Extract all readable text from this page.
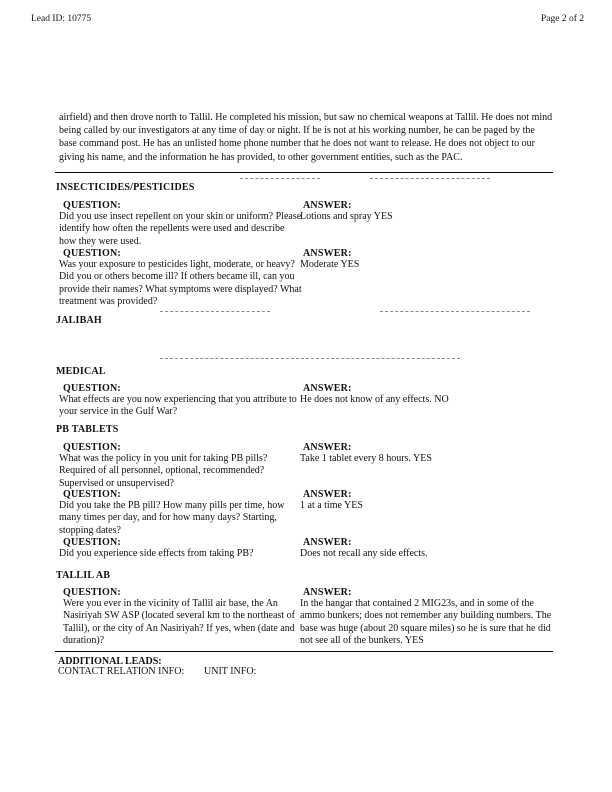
Lead ID: 10775	Page 2 of 2
airfield) and then drove north to Tallil. He completed his mission, but saw no chemical weapons at Tallil. He does not mind being called by our investigators at any time of day or night. If he is not at his working number, he can be paged by the base command post. He has an unlisted home phone number that he does not want to release. He does not object to our giving his name, and the information he has provided, to other government entities, such as the PAC.
INSECTICIDES/PESTICIDES
QUESTION:	ANSWER:
Did you use insect repellent on your skin or uniform? Please identify how often the repellents were used and describe how they were used.
Lotions and spray YES
QUESTION:	ANSWER:
Was your exposure to pesticides light, moderate, or heavy? Did you or others become ill? If others became ill, can you provide their names? What symptoms were displayed? What treatment was provided?
Moderate YES
JALIBAH
MEDICAL
QUESTION:	ANSWER:
What effects are you now experiencing that you attribute to your service in the Gulf War?
He does not know of any effects. NO
PB TABLETS
QUESTION:	ANSWER:
What was the policy in you unit for taking PB pills? Required of all personnel, optional, recommended? Supervised or unsupervised?
Take 1 tablet every 8 hours. YES
QUESTION:	ANSWER:
Did you take the PB pill? How many pills per time, how many times per day, and for how many days? Starting, stopping dates?
1 at a time YES
QUESTION:	ANSWER:
Did you experience side effects from taking PB?	Does not recall any side effects.
TALLIL AB
QUESTION:	ANSWER:
Were you ever in the vicinity of Tallil air base, the An Nasiriyah SW ASP (located several km to the northeast of Tallil), or the city of An Nasiriyah? If yes, when (date and duration)?
In the hangar that contained 2 MIG23s, and in some of the ammo bunkers; does not remember any building numbers. The base was huge (about 20 square miles) so he is sure that he did not see all of the bunkers. YES
ADDITIONAL LEADS:
CONTACT RELATION INFO: UNIT INFO:
